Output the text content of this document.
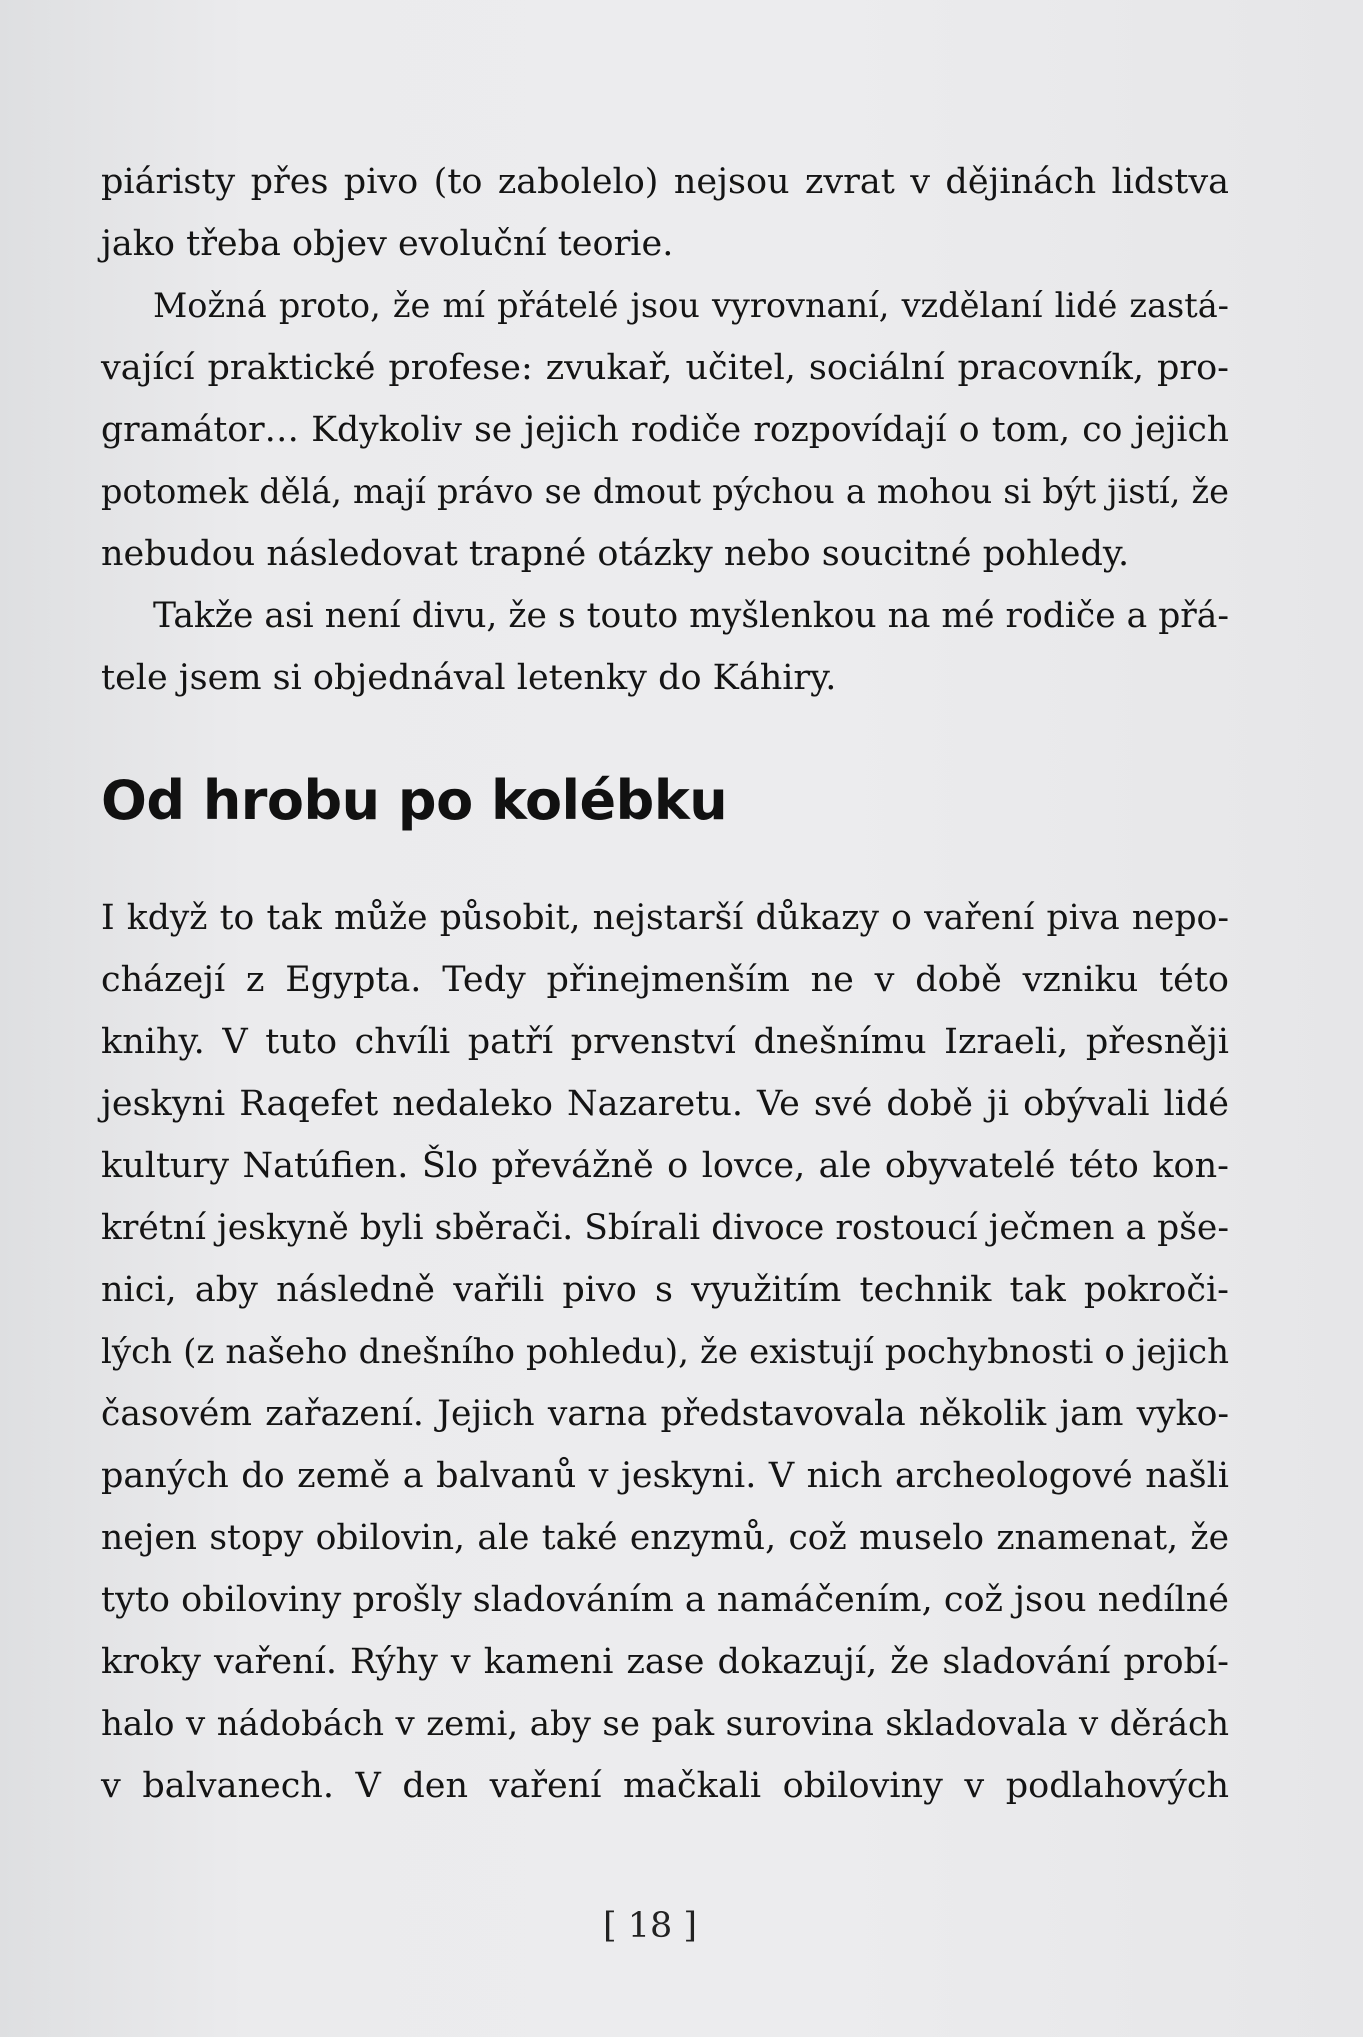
piáristy přes pivo (to zabolelo) nejsou zvrat v dějinách lidstva
jako třeba objev evoluční teorie.

Možná proto, že mí přátelé jsou vyrovnaní, vzdělaní lidé zastá-
vající praktické profese: zvukař, učitel, sociální pracovník, pro-
gramátor… Kdykoliv se jejich rodiče rozpovídají o tom, co jejich
potomek dělá, mají právo se dmout pýchou a mohou si být jistí, že
nebudou následovat trapné otázky nebo soucitné pohledy.

Takže asi není divu, že s touto myšlenkou na mé rodiče a přá-
tele jsem si objednával letenky do Káhiry.

Od hrobu po kolébku

I když to tak může působit, nejstarší důkazy o vaření piva nepo-
cházejí z Egypta. Tedy přinejmenším ne v době vzniku této
knihy. V tuto chvíli patří prvenství dnešnímu Izraeli, přesněji
jeskyni Raqefet nedaleko Nazaretu. Ve své době ji obývali lidé
kultury Natúfien. Šlo převážně o lovce, ale obyvatelé této kon-
krétní jeskyně byli sběrači. Sbírali divoce rostoucí ječmen a pše-
nici, aby následně vařili pivo s využitím technik tak pokroči-
lých (z našeho dnešního pohledu), že existují pochybnosti o jejich
časovém zařazení. Jejich varna představovala několik jam vyko-
paných do země a balvanů v jeskyni. V nich archeologové našli
nejen stopy obilovin, ale také enzymů, což muselo znamenat, že
tyto obiloviny prošly sladováním a namáčením, což jsou nedílné
kroky vaření. Rýhy v kameni zase dokazují, že sladování probí-
halo v nádobách v zemi, aby se pak surovina skladovala v děrách
v balvanech. V den vaření mačkali obiloviny v podlahových

[ 18 ]
